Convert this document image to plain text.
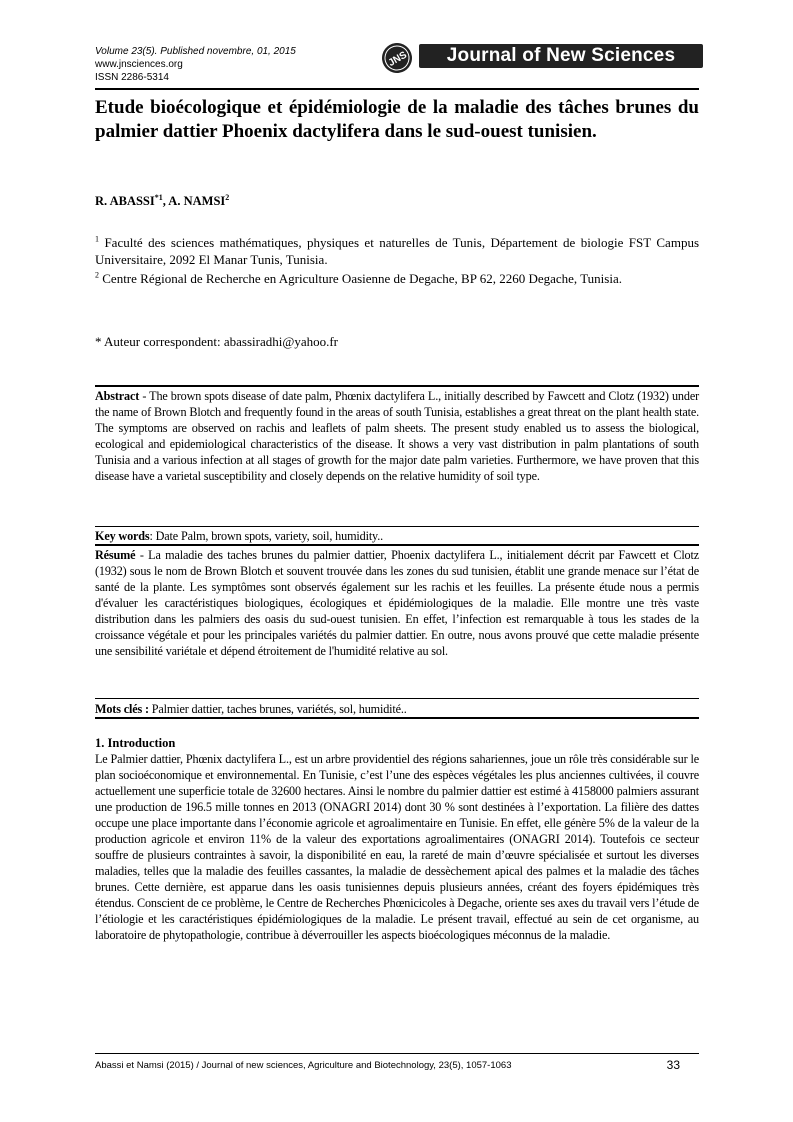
Volume 23(5). Published novembre, 01, 2015
www.jnsciences.org
ISSN 2286-5314
JNS	Journal of New Sciences
Etude bioécologique et épidémiologie de la maladie des tâches brunes du palmier dattier Phoenix dactylifera dans le sud-ouest tunisien.
R. ABASSI$^{*1}$, A. NAMSI$^2$
$^1$ Faculté des sciences mathématiques, physiques et naturelles de Tunis, Département de biologie FST Campus Universitaire, 2092 El Manar Tunis, Tunisia.
$^2$ Centre Régional de Recherche en Agriculture Oasienne de Degache, BP 62, 2260 Degache, Tunisia.
* Auteur correspondent: abassiradhi@yahoo.fr
Abstract - The brown spots disease of date palm, Phœnix dactylifera L., initially described by Fawcett and Clotz (1932) under the name of Brown Blotch and frequently found in the areas of south Tunisia, establishes a great threat on the plant health state. The symptoms are observed on rachis and leaflets of palm sheets. The present study enabled us to assess the biological, ecological and epidemiological characteristics of the disease. It shows a very vast distribution in palm plantations of south Tunisia and a various infection at all stages of growth for the major date palm varieties. Furthermore, we have proven that this disease have a varietal susceptibility and closely depends on the relative humidity of soil type.
Key words: Date Palm, brown spots, variety, soil, humidity..
Résumé - La maladie des taches brunes du palmier dattier, Phoenix dactylifera L., initialement décrit par Fawcett et Clotz (1932) sous le nom de Brown Blotch et souvent trouvée dans les zones du sud tunisien, établit une grande menace sur l’état de santé de la plante. Les symptômes sont observés également sur les rachis et les feuilles. La présente étude nous a permis d'évaluer les caractéristiques biologiques, écologiques et épidémiologiques de la maladie. Elle montre une très vaste distribution dans les palmiers des oasis du sud-ouest tunisien. En effet, l’infection est remarquable à tous les stades de la croissance végétale et pour les principales variétés du palmier dattier. En outre, nous avons prouvé que cette maladie présente une sensibilité variétale et dépend étroitement de l'humidité relative au sol.
Mots clés : Palmier dattier, taches brunes, variétés, sol, humidité..
1. Introduction
Le Palmier dattier, Phœnix dactylifera L., est un arbre providentiel des régions sahariennes, joue un rôle très considérable sur le plan socioéconomique et environnemental. En Tunisie, c’est l’une des espèces végétales les plus anciennes cultivées, il couvre actuellement une superficie totale de 32600 hectares. Ainsi le nombre du palmier dattier est estimé à 4158000 palmiers assurant une production de 196.5 mille tonnes en 2013 (ONAGRI 2014) dont 30 % sont destinées à l’exportation. La filière des dattes occupe une place importante dans l’économie agricole et agroalimentaire en Tunisie. En effet, elle génère 5% de la valeur de la production agricole et environ 11% de la valeur des exportations agroalimentaires (ONAGRI 2014). Toutefois ce secteur souffre de plusieurs contraintes à savoir, la disponibilité en eau, la rareté de main d’œuvre spécialisée et surtout les diverses maladies, telles que la maladie des feuilles cassantes, la maladie de dessèchement apical des palmes et la maladie des tâches brunes. Cette dernière, est apparue dans les oasis tunisiennes depuis plusieurs années, créant des foyers épidémiques très étendus. Conscient de ce problème, le Centre de Recherches Phœnicicoles à Degache, oriente ses axes du travail vers l’étude de l’étiologie et les caractéristiques épidémiologiques de la maladie. Le présent travail, effectué au sein de cet organisme, au laboratoire de phytopathologie, contribue à déverrouiller les aspects bioécologiques méconnus de la maladie.
Abassi et Namsi (2015) / Journal of new sciences, Agriculture and Biotechnology, 23(5), 1057-1063	33
